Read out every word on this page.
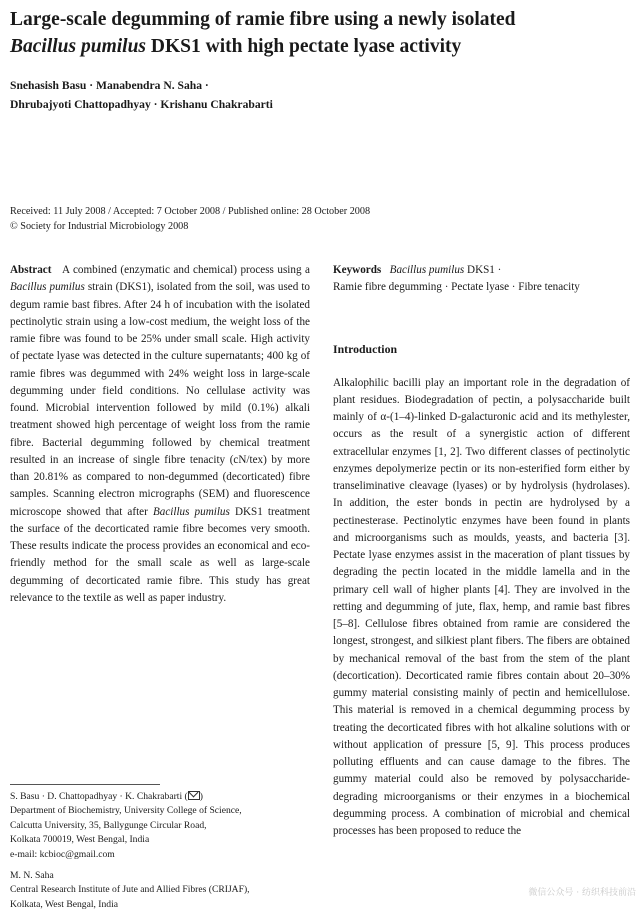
Large-scale degumming of ramie fibre using a newly isolated
Bacillus pumilus DKS1 with high pectate lyase activity
Snehasish Basu · Manabendra N. Saha ·
Dhrubajyoti Chattopadhyay · Krishanu Chakrabarti
Received: 11 July 2008 / Accepted: 7 October 2008 / Published online: 28 October 2008
© Society for Industrial Microbiology 2008

Abstract A combined (enzymatic and chemical) process using a Bacillus pumilus strain (DKS1), isolated from the soil, was used to degum ramie bast fibres. After 24 h of incubation with the isolated pectinolytic strain using a low-cost medium, the weight loss of the ramie fibre was found to be 25% under small scale. High activity of pectate lyase was detected in the culture supernatants; 400 kg of ramie fibres was degummed with 24% weight loss in large-scale degumming under field conditions. No cellulase activity was found. Microbial intervention followed by mild (0.1%) alkali treatment showed high percentage of weight loss from the ramie fibre. Bacterial degumming followed by chemical treatment resulted in an increase of single fibre tenacity (cN/tex) by more than 20.81% as compared to non-degummed (decorticated) fibre samples. Scanning electron micrographs (SEM) and fluorescence microscope showed that after Bacillus pumilus DKS1 treatment the surface of the decorticated ramie fibre becomes very smooth. These results indicate the process provides an economical and eco-friendly method for the small scale as well as large-scale degumming of decorticated ramie fibre. This study has great relevance to the textile as well as paper industry.

Keywords Bacillus pumilus DKS1 ·
Ramie fibre degumming · Pectate lyase · Fibre tenacity
Introduction

Alkalophilic bacilli play an important role in the degradation of plant residues. Biodegradation of pectin, a polysaccharide built mainly of α-(1–4)-linked D-galacturonic acid and its methylester, occurs as the result of a synergistic action of different extracellular enzymes [1, 2]. Two different classes of pectinolytic enzymes depolymerize pectin or its non-esterified form either by transeliminative cleavage (lyases) or by hydrolysis (hydrolases). In addition, the ester bonds in pectin are hydrolysed by a pectinesterase. Pectinolytic enzymes have been found in plants and microorganisms such as moulds, yeasts, and bacteria [3]. Pectate lyase enzymes assist in the maceration of plant tissues by degrading the pectin located in the middle lamella and in the primary cell wall of higher plants [4]. They are involved in the retting and degumming of jute, flax, hemp, and ramie bast fibres [5–8]. Cellulose fibres obtained from ramie are considered the longest, strongest, and silkiest plant fibers. The fibers are obtained by mechanical removal of the bast from the stem of the plant (decortication). Decorticated ramie fibres contain about 20–30% gummy material consisting mainly of pectin and hemicellulose. This material is removed in a chemical degumming process by treating the decorticated fibres with hot alkaline solutions with or without application of pressure [5, 9]. This process produces polluting effluents and can cause damage to the fibres. The gummy material could also be removed by polysaccharide-degrading microorganisms or their enzymes in a biochemical degumming process. A combination of microbial and chemical processes has been proposed to reduce the

S. Basu · D. Chattopadhyay · K. Chakrabarti ( )
Department of Biochemistry, University College of Science,
Calcutta University, 35, Ballygunge Circular Road,
Kolkata 700019, West Bengal, India
e-mail: kcbioc@gmail.com
M. N. Saha
Central Research Institute of Jute and Allied Fibres (CRIJAF),
Kolkata, West Bengal, India
微信公众号 · 纺织科技前沿
